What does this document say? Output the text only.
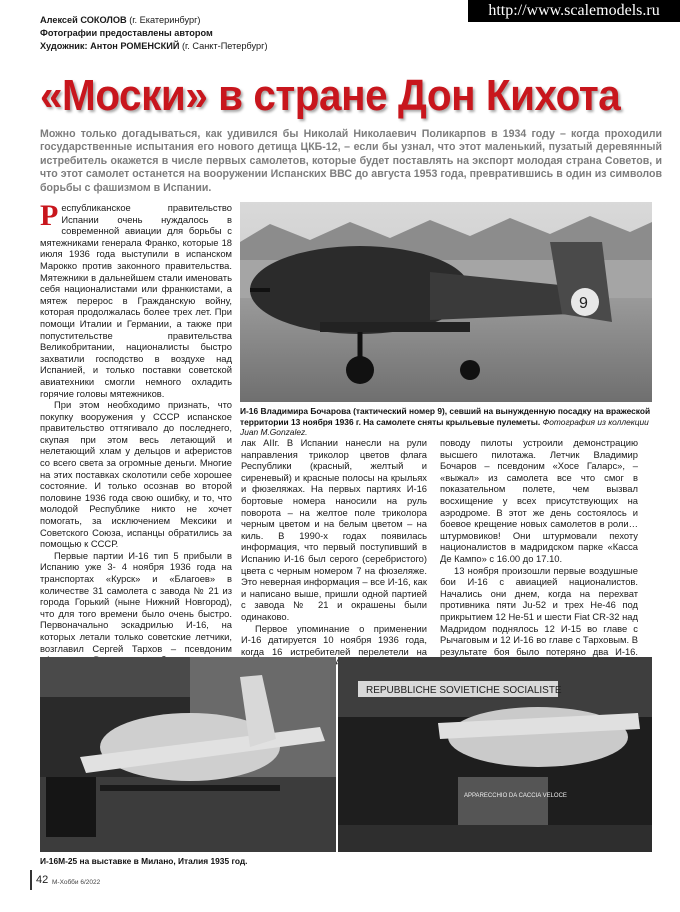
http://www.scalemodels.ru
Алексей СОКОЛОВ (г. Екатеринбург)
Фотографии предоставлены автором
Художник: Антон РОМЕНСКИЙ (г. Санкт-Петербург)
«Моски» в стране Дон Кихота

Можно только догадываться, как удивился бы Николай Николаевич Поликарпов в 1934 году – когда проходили государственные испытания его нового детища ЦКБ-12, – если бы узнал, что этот маленький, пузатый деревянный истребитель окажется в числе первых самолетов, которые будет поставлять на экспорт молодая страна Советов, и что этот самолет останется на вооружении Испанских ВВС до августа 1953 года, превратившись в один из символов борьбы с фашизмом в Испании.

9
И-16 Владимира Бочарова (тактический номер 9), севший на вынужденную посадку на вражеской территории 13 ноября 1936 г. На самолете сняты крыльевые пулеметы. Фотография из коллекции Juan M.Gonzalez.

Республиканское правительство Испании очень нуждалось в современной авиации для борьбы с мятежниками генерала Франко, которые 18 июля 1936 года выступили в испанском Марокко против законного правительства. Мятежники в дальнейшем стали именовать себя националистами или франкистами, а мятеж перерос в Гражданскую войну, которая продолжалась более трех лет. При помощи Италии и Германии, а также при попустительстве правительства Великобритании, националисты быстро захватили господство в воздухе над Испанией, и только поставки советской авиатехники смогли немного охладить горячие головы мятежников.

При этом необходимо признать, что покупку вооружения у СССР испанское правительство оттягивало до последнего, скупая при этом весь летающий и нелетающий хлам у дельцов и аферистов со всего света за огромные деньги. Многие на этих поставках сколотили себе хорошее состояние. И только осознав во второй половине 1936 года свою ошибку, и то, что молодой Республике никто не хочет помогать, за исключением Мексики и Советского Союза, испанцы обратились за помощью к СССР.

Первые партии И-16 тип 5 прибыли в Испанию уже 3- 4 ноября 1936 года на транспортах «Курск» и «Благоев» в количестве 31 самолета с завода № 21 из города Горький (ныне Нижний Новгород), что для того времени было очень быстро. Первоначально эскадрилью И-16, на которых летали только советские летчики, возглавил Сергей Тархов – псевдоним

лак AIIг. В Испании нанесли на рули направления триколор цветов флага Республики (красный, желтый и сиреневый) и красные полосы на крыльях и фюзеляжах. На первых партиях И-16 бортовые номера наносили на руль поворота – на желтое поле триколора черным цветом и на белым цветом – на киль. В 1990-х годах появилась информация, что первый поступивший в Испанию И-16 был серого (серебристого) цвета с черным номером 7 на фюзеляже. Это неверная информация – все И-16, как и написано выше, пришли одной партией с завода № 21 и окрашены были одинаково.

Первое упоминание о применении И-16 датируется 10 ноября 1936 года, когда 16 истребителей перелетели на

поводу пилоты устроили демонстрацию высшего пилотажа. Летчик Владимир Бочаров – псевдоним «Хосе Галарс», – «выжал» из самолета все что смог в показательном полете, чем вызвал восхищение у всех присутствующих на аэродроме. В этот же день состоялось и боевое крещение новых самолетов в роли… штурмовиков! Они штурмовали пехоту националистов в мадридском парке «Касса Де Кампо» с 16.00 до 17.10.

13 ноября произошли первые воздушные бои И-16 с авиацией националистов. Начались они днем, когда на перехват противника пяти Ju-52 и трех He-46 под прикрытием 12 He-51 и шести Fiat CR-32 над Мадридом поднялось 12 И-15 во главе с Рычаговым и 12 И-16 во главе с Тарховым. В результате боя было потеряно два И-16.

REPUBBLICHE SOVIETICHE SOCIALISTE
APPARECCHIO DA CACCIA VELOCE
И-16М-25 на выставке в Милано, Италия 1935 год.
42 М-Хобби 6/2022
